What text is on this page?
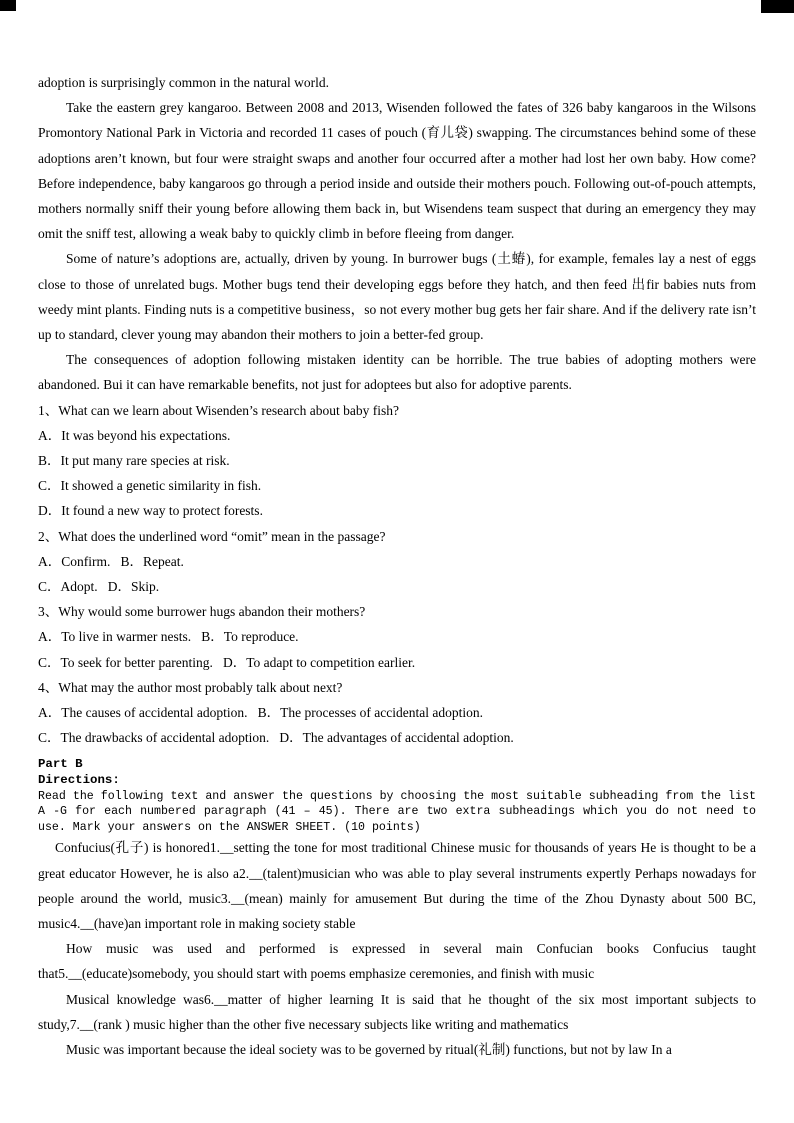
adoption is surprisingly common in the natural world.
Take the eastern grey kangaroo. Between 2008 and 2013, Wisenden followed the fates of 326 baby kangaroos in the Wilsons Promontory National Park in Victoria and recorded 11 cases of pouch (育儿袋) swapping. The circumstances behind some of these adoptions aren’t known, but four were straight swaps and another four occurred after a mother had lost her own baby. How come? Before independence, baby kangaroos go through a period inside and outside their mothers pouch. Following out-of-pouch attempts, mothers normally sniff their young before allowing them back in, but Wisendens team suspect that during an emergency they may omit the sniff test, allowing a weak baby to quickly climb in before fleeing from danger.
Some of nature’s adoptions are, actually, driven by young. In burrower bugs (土蝽), for example, females lay a nest of eggs close to those of unrelated bugs. Mother bugs tend their developing eggs before they hatch, and then feed 出fir babies nuts from weedy mint plants. Finding nuts is a competitive business，so not every mother bug gets her fair share. And if the delivery rate isn’t up to standard, clever young may abandon their mothers to join a better-fed group.
The consequences of adoption following mistaken identity can be horrible. The true babies of adopting mothers were abandoned. Bui it can have remarkable benefits, not just for adoptees but also for adoptive parents.
1、What can we learn about Wisenden’s research about baby fish?
A．It was beyond his expectations.
B．It put many rare species at risk.
C．It showed a genetic similarity in fish.
D．It found a new way to protect forests.
2、What does the underlined word “omit” mean in the passage?
A．Confirm.   B．Repeat.
C．Adopt.   D．Skip.
3、Why would some burrower hugs abandon their mothers?
A．To live in warmer nests.   B．To reproduce.
C．To seek for better parenting.   D．To adapt to competition earlier.
4、What may the author most probably talk about next?
A．The causes of accidental adoption.   B．The processes of accidental adoption.
C．The drawbacks of accidental adoption.   D．The advantages of accidental adoption.
Part B
Directions:
Read the following text and answer the questions by choosing the most suitable subheading from the list A -G for each numbered paragraph (41 – 45). There are two extra subheadings which you do not need to use. Mark your answers on the ANSWER SHEET. (10 points)
Confucius(孔子) is honored1.__setting the tone for most traditional Chinese music for thousands of years He is thought to be a great educator However, he is also a2.__(talent)musician who was able to play several instruments expertly Perhaps nowadays for people around the world, music3.__(mean) mainly for amusement But during the time of the Zhou Dynasty about 500 BC, music4.__(have)an important role in making society stable
How music was used and performed is expressed in several main Confucian books Confucius taught that5.__(educate)somebody, you should start with poems emphasize ceremonies, and finish with music
Musical knowledge was6.__matter of higher learning It is said that he thought of the six most important subjects to study,7.__(rank ) music higher than the other five necessary subjects like writing and mathematics
Music was important because the ideal society was to be governed by ritual(礼制) functions, but not by law In a
